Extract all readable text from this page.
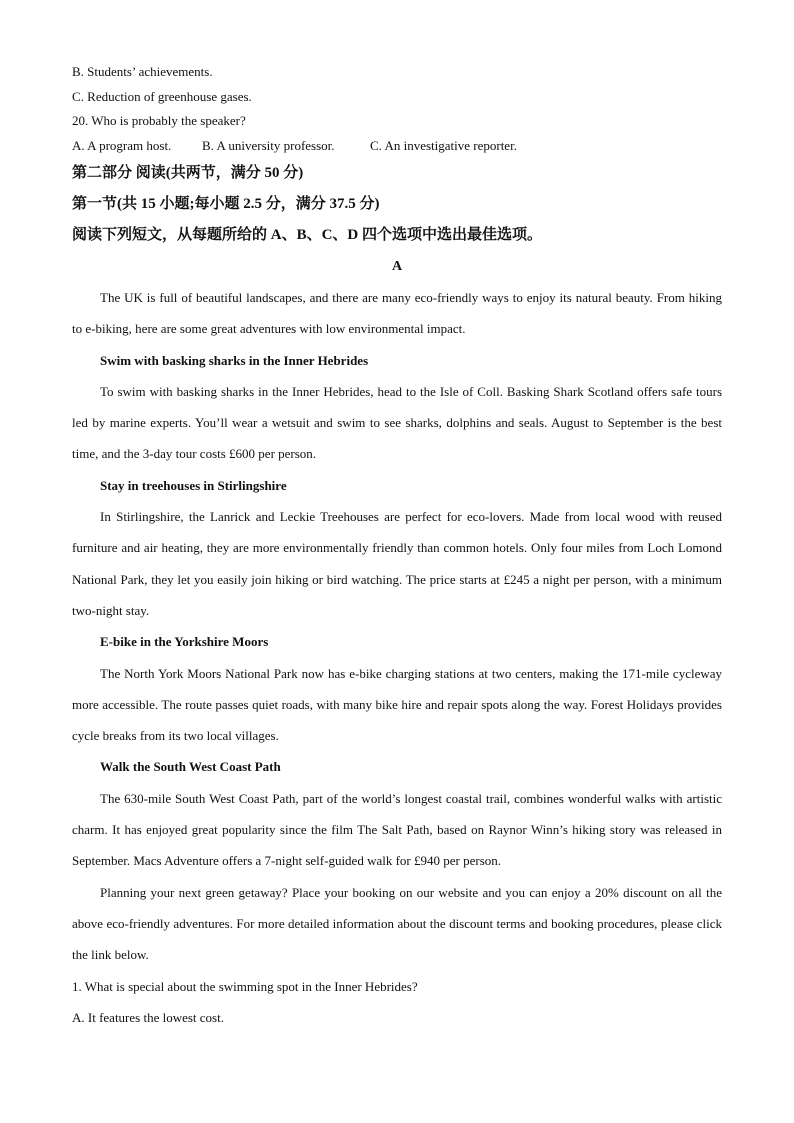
B. Students’ achievements.

C. Reduction of greenhouse gases.

20. Who is probably the speaker?

A. A program host. B. A university professor.	C. An investigative reporter.

第二部分 阅读(共两节，满分 50 分)

第一节(共 15 小题;每小题 2.5 分，满分 37.5 分)

阅读下列短文，从每题所给的 A、B、C、D 四个选项中选出最佳选项。

A

The UK is full of beautiful landscapes, and there are many eco-friendly ways to enjoy its natural beauty. From hiking to e-biking, here are some great adventures with low environmental impact.

Swim with basking sharks in the Inner Hebrides

To swim with basking sharks in the Inner Hebrides, head to the Isle of Coll. Basking Shark Scotland offers safe tours led by marine experts. You’ll wear a wetsuit and swim to see sharks, dolphins and seals. August to September is the best time, and the 3-day tour costs £600 per person.

Stay in treehouses in Stirlingshire

In Stirlingshire, the Lanrick and Leckie Treehouses are perfect for eco-lovers. Made from local wood with reused furniture and air heating, they are more environmentally friendly than common hotels. Only four miles from Loch Lomond National Park, they let you easily join hiking or bird watching. The price starts at £245 a night per person, with a minimum two-night stay.

E-bike in the Yorkshire Moors

The North York Moors National Park now has e-bike charging stations at two centers, making the 171-mile cycleway more accessible. The route passes quiet roads, with many bike hire and repair spots along the way. Forest Holidays provides cycle breaks from its two local villages.

Walk the South West Coast Path

The 630-mile South West Coast Path, part of the world’s longest coastal trail, combines wonderful walks with artistic charm. It has enjoyed great popularity since the film The Salt Path, based on Raynor Winn’s hiking story was released in September. Macs Adventure offers a 7-night self-guided walk for £940 per person.

Planning your next green getaway? Place your booking on our website and you can enjoy a 20% discount on all the above eco-friendly adventures. For more detailed information about the discount terms and booking procedures, please click the link below.

1. What is special about the swimming spot in the Inner Hebrides?

A. It features the lowest cost.
